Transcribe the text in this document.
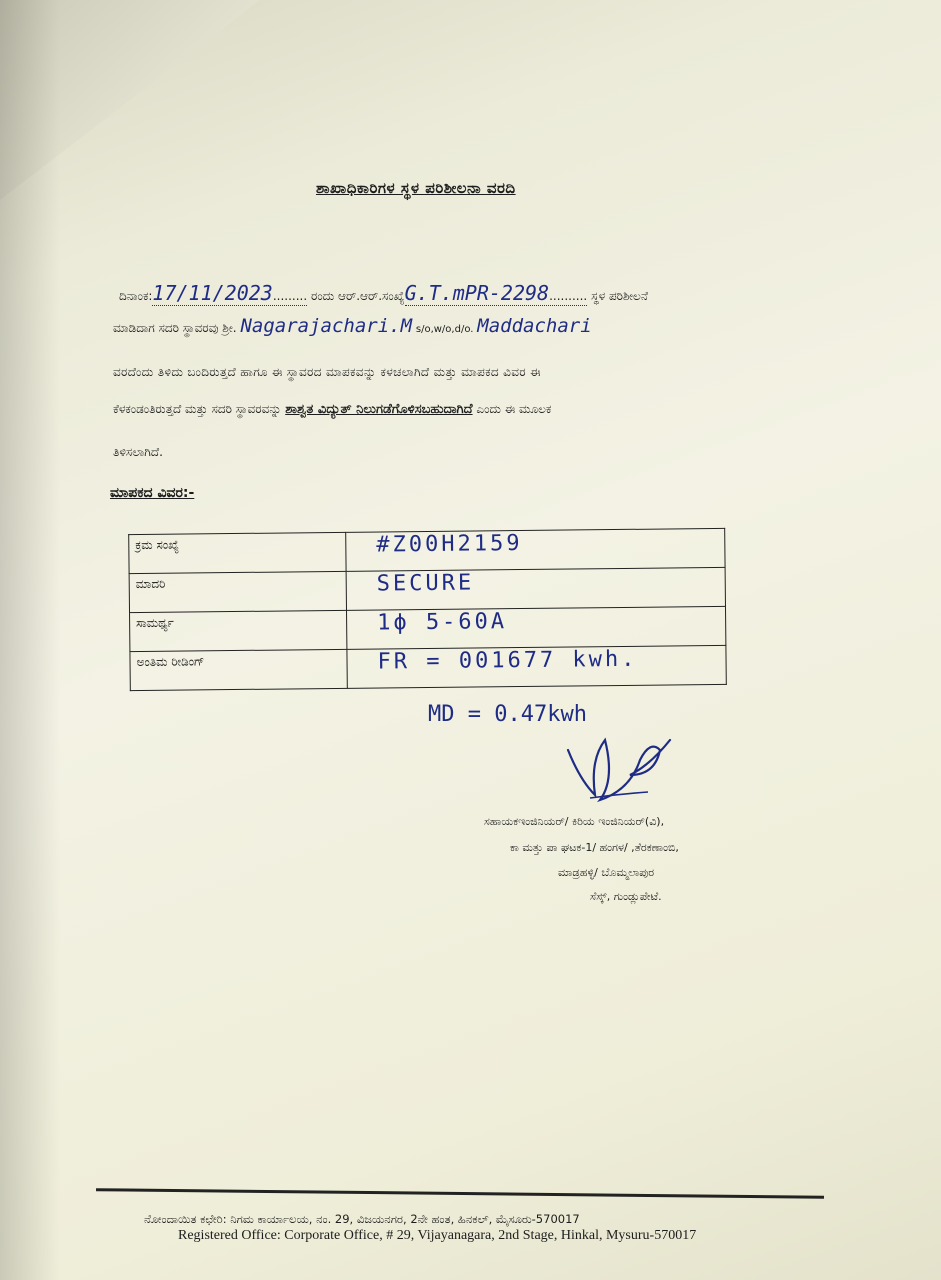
ಶಾಖಾಧಿಕಾರಿಗಳ ಸ್ಥಳ ಪರಿಶೀಲನಾ ವರದಿ
ದಿನಾಂಕ:17/11/2023......... ರಂದು ಆರ್.ಆರ್.ಸಂಖ್ಯೆG.T.mPR-2298.......... ಸ್ಥಳ ಪರಿಶೀಲನೆ
ಮಾಡಿದಾಗ ಸದರಿ ಸ್ಥಾವರವು ಶ್ರೀ. Nagarajachari.M s/o,w/o,d/o. Maddachari
ವರದೆಂದು ತಿಳಿದು ಬಂದಿರುತ್ತದೆ ಹಾಗೂ ಈ ಸ್ಥಾವರದ ಮಾಪಕವನ್ನು ಕಳಚಲಾಗಿದೆ ಮತ್ತು ಮಾಪಕದ ವಿವರ ಈ
ಕೆಳಕಂಡಂತಿರುತ್ತದೆ ಮತ್ತು ಸದರಿ ಸ್ಥಾವರವನ್ನು ಶಾಶ್ವತ ವಿದ್ಯುತ್ ನಿಲುಗಡೆಗೊಳಿಸಬಹುದಾಗಿದೆ ಎಂದು ಈ ಮೂಲಕ
ತಿಳಿಸಲಾಗಿದೆ.
ಮಾಪಕದ ವಿವರ:-
ಕ್ರಮ ಸಂಖ್ಯೆ	#Z00H2159
ಮಾದರಿ	SECURE
ಸಾಮರ್ಥ್ಯ	1ϕ 5-60A
ಅಂತಿಮ ರೀಡಿಂಗ್	FR = 001677 kwh.
MD = 0.47kwh
ಸಹಾಯಕಇಂಜಿನಿಯರ್/ ಕಿರಿಯ ಇಂಜಿನಿಯರ್(ವಿ),
ಕಾ ಮತ್ತು ಪಾ ಘಟಕ-1/ ಹಂಗಳ/ ,ತೆರಕಣಾಂಬಿ,
ಮಾಡ್ರಹಳ್ಳಿ/ ಬೊಮ್ಮಲಾಪುರ
ಸೆಸ್ಕ್, ಗುಂಡ್ಲುಪೇಟೆ.
ನೋಂದಾಯಿತ ಕಛೇರಿ: ನಿಗಮ ಕಾರ್ಯಾಲಯ, ನಂ. 29, ವಿಜಯನಗರ, 2ನೇ ಹಂತ, ಹಿನಕಲ್, ಮೈಸೂರು-570017
Registered Office: Corporate Office, # 29, Vijayanagara, 2nd Stage, Hinkal, Mysuru-570017
